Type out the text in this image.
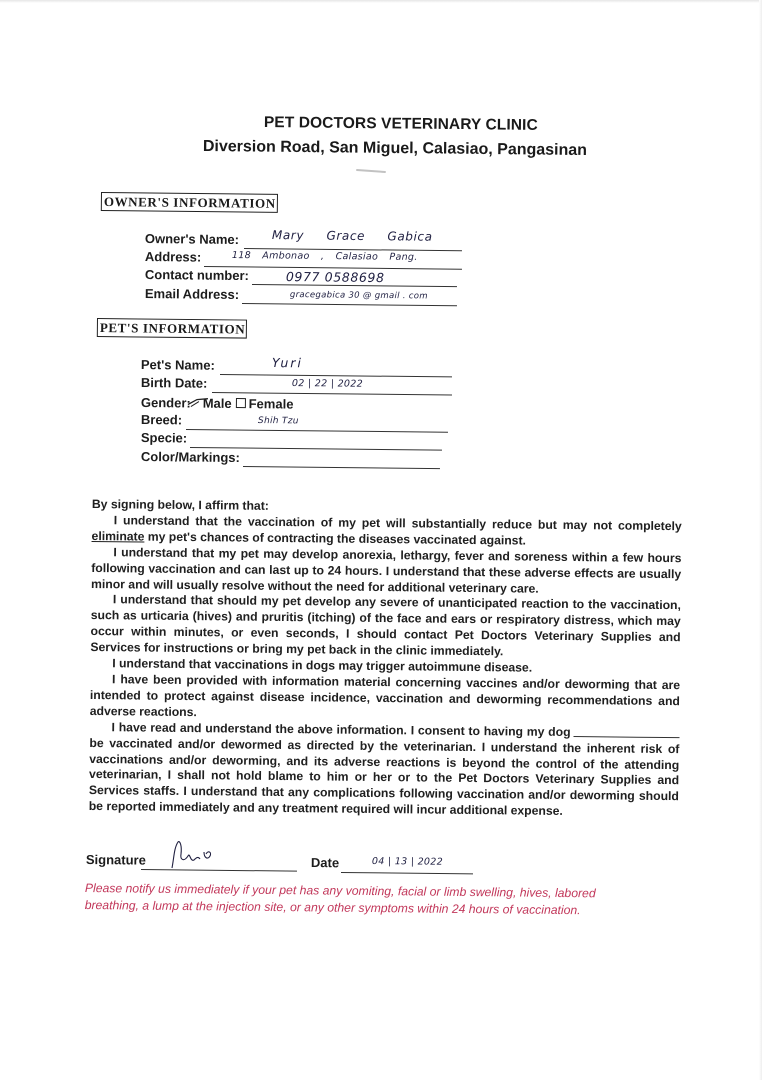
PET DOCTORS VETERINARY CLINIC
Diversion Road, San Miguel, Calasiao, Pangasinan
OWNER'S INFORMATION
Owner's Name:	Mary Grace Gabica
Address:	118 Ambonao , Calasiao Pang.
Contact number:	0977 0588698
Email Address:	gracegabica 30 @ gmail . com
PET'S INFORMATION
Pet's Name:	Yuri
Birth Date:	02 | 22 | 2022
Gender: Male Female
Breed:	Shih Tzu
Specie:
Color/Markings:

By signing below, I affirm that:

I understand that the vaccination of my pet will substantially reduce but may not completely eliminate my pet's chances of contracting the diseases vaccinated against.

I understand that my pet may develop anorexia, lethargy, fever and soreness within a few hours following vaccination and can last up to 24 hours. I understand that these adverse effects are usually minor and will usually resolve without the need for additional veterinary care.

I understand that should my pet develop any severe of unanticipated reaction to the vaccination, such as urticaria (hives) and pruritis (itching) of the face and ears or respiratory distress, which may occur within minutes, or even seconds, I should contact Pet Doctors Veterinary Supplies and Services for instructions or bring my pet back in the clinic immediately.

I understand that vaccinations in dogs may trigger autoimmune disease.

I have been provided with information material concerning vaccines and/or deworming that are intended to protect against disease incidence, vaccination and deworming recommendations and adverse reactions.

I have read and understand the above information. I consent to having my dog be vaccinated and/or dewormed as directed by the veterinarian. I understand the inherent risk of vaccinations and/or deworming, and its adverse reactions is beyond the control of the attending veterinarian, I shall not hold blame to him or her or to the Pet Doctors Veterinary Supplies and Services staffs. I understand that any complications following vaccination and/or deworming should be reported immediately and any treatment required will incur additional expense.

Signature	Date	04 | 13 | 2022
Please notify us immediately if your pet has any vomiting, facial or limb swelling, hives, labored breathing, a lump at the injection site, or any other symptoms within 24 hours of vaccination.
